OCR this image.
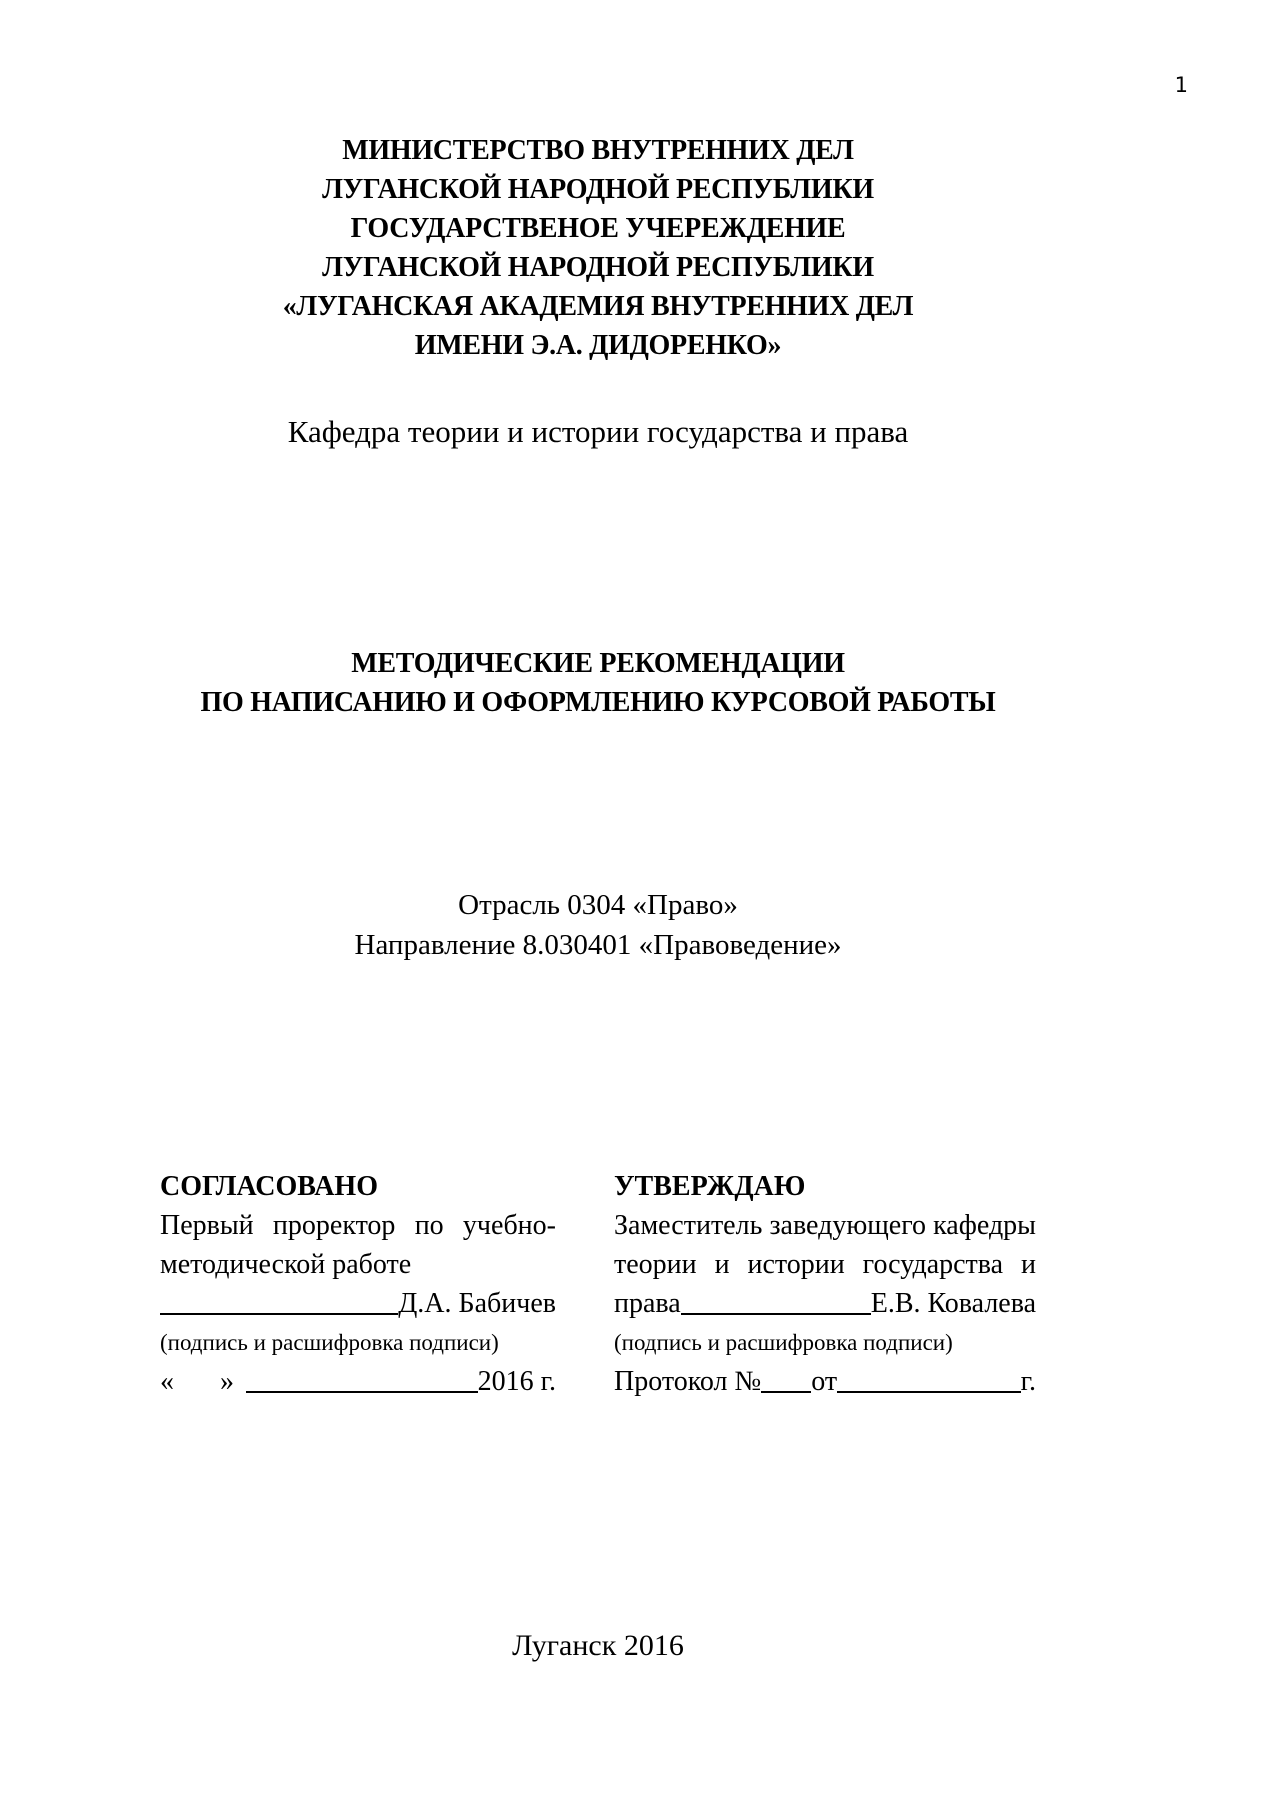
1
МИНИСТЕРСТВО ВНУТРЕННИХ ДЕЛ
ЛУГАНСКОЙ НАРОДНОЙ РЕСПУБЛИКИ
ГОСУДАРСТВЕНОЕ УЧЕРЕЖДЕНИЕ
ЛУГАНСКОЙ НАРОДНОЙ РЕСПУБЛИКИ
«ЛУГАНСКАЯ АКАДЕМИЯ ВНУТРЕННИХ ДЕЛ
ИМЕНИ Э.А. ДИДОРЕНКО»
Кафедра теории и истории государства и права
МЕТОДИЧЕСКИЕ РЕКОМЕНДАЦИИ
ПО НАПИСАНИЮ И ОФОРМЛЕНИЮ КУРСОВОЙ РАБОТЫ
Отрасль 0304 «Право»
Направление 8.030401 «Правоведение»
СОГЛАСОВАНО
Первый проректор по учебно-
методической работе
Д.А. Бабичев
(подпись и расшифровка подписи)
« »	2016 г.
УТВЕРЖДАЮ
Заместитель заведующего кафедры
теории и истории государства и
права	Е.В. Ковалева
(подпись и расшифровка подписи)
Протокол № от	г.
Луганск 2016
